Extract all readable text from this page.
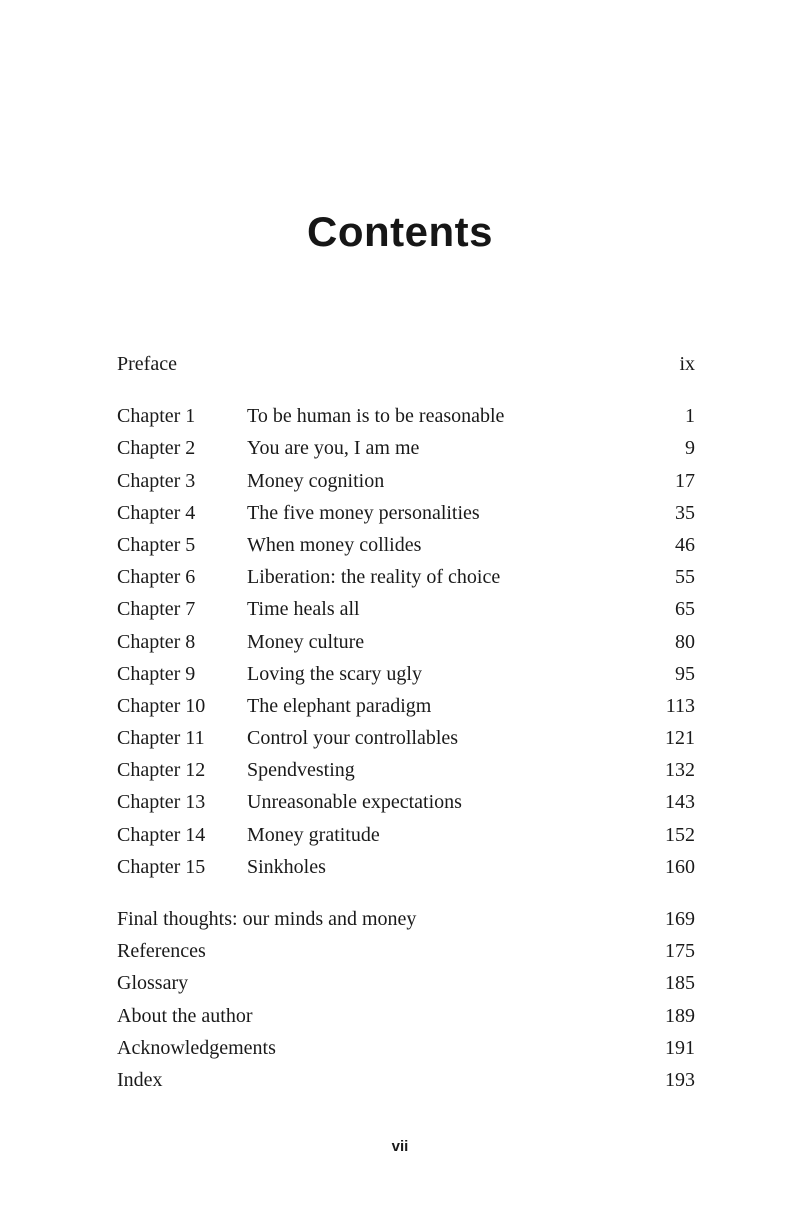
Contents
Preface	ix
Chapter 1	To be human is to be reasonable	1
Chapter 2	You are you, I am me	9
Chapter 3	Money cognition	17
Chapter 4	The five money personalities	35
Chapter 5	When money collides	46
Chapter 6	Liberation: the reality of choice	55
Chapter 7	Time heals all	65
Chapter 8	Money culture	80
Chapter 9	Loving the scary ugly	95
Chapter 10	The elephant paradigm	113
Chapter 11	Control your controllables	121
Chapter 12	Spendvesting	132
Chapter 13	Unreasonable expectations	143
Chapter 14	Money gratitude	152
Chapter 15	Sinkholes	160
Final thoughts: our minds and money	169
References	175
Glossary	185
About the author	189
Acknowledgements	191
Index	193
vii
